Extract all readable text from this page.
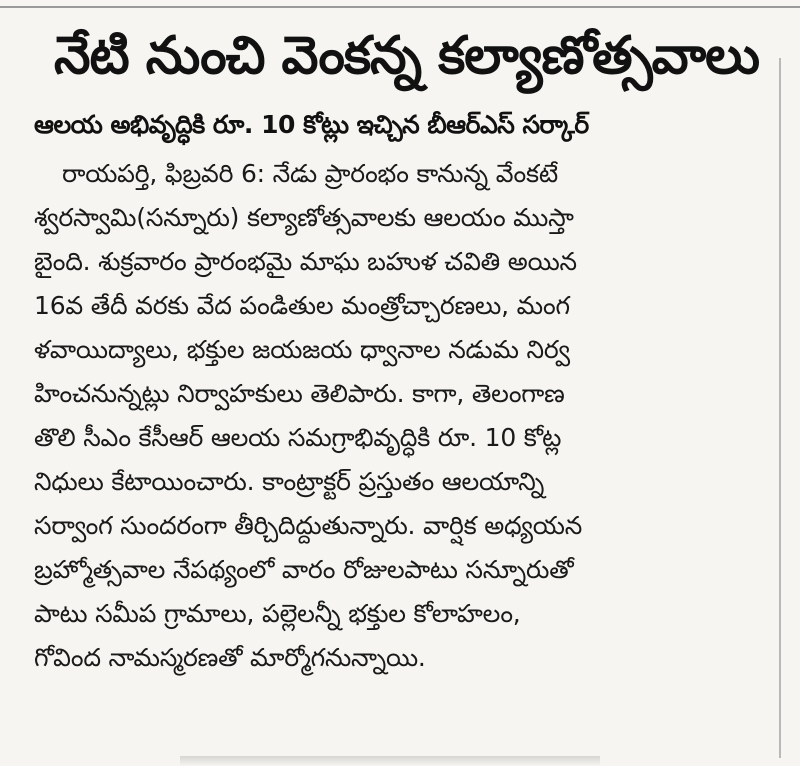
నేటి నుంచి వెంకన్న కల్యాణోత్సవాలు
ఆలయ అభివృద్ధికి రూ. 10 కోట్లు ఇచ్చిన బీఆర్ఎస్ సర్కార్
రాయపర్తి, ఫిబ్రవరి 6: నేడు ప్రారంభం కానున్న వేంకటే
శ్వరస్వామి(సన్నూరు) కల్యాణోత్సవాలకు ఆలయం ముస్తా
బైంది. శుక్రవారం ప్రారంభమై మాఘ బహుళ చవితి అయిన
16వ తేదీ వరకు వేద పండితుల మంత్రోచ్చారణలు, మంగ
ళవాయిద్యాలు, భక్తుల జయజయ ధ్వానాల నడుమ నిర్వ
హించనున్నట్లు నిర్వాహకులు తెలిపారు. కాగా, తెలంగాణ
తొలి సీఎం కేసీఆర్ ఆలయ సమగ్రాభివృద్ధికి రూ. 10 కోట్ల
నిధులు కేటాయించారు. కాంట్రాక్టర్ ప్రస్తుతం ఆలయాన్ని
సర్వాంగ సుందరంగా తీర్చిదిద్దుతున్నారు. వార్షిక అధ్యయన
బ్రహ్మోత్సవాల నేపథ్యంలో వారం రోజులపాటు సన్నూరుతో
పాటు సమీప గ్రామాలు, పల్లెలన్నీ భక్తుల కోలాహలం,
గోవింద నామస్మరణతో మార్మోగనున్నాయి.
